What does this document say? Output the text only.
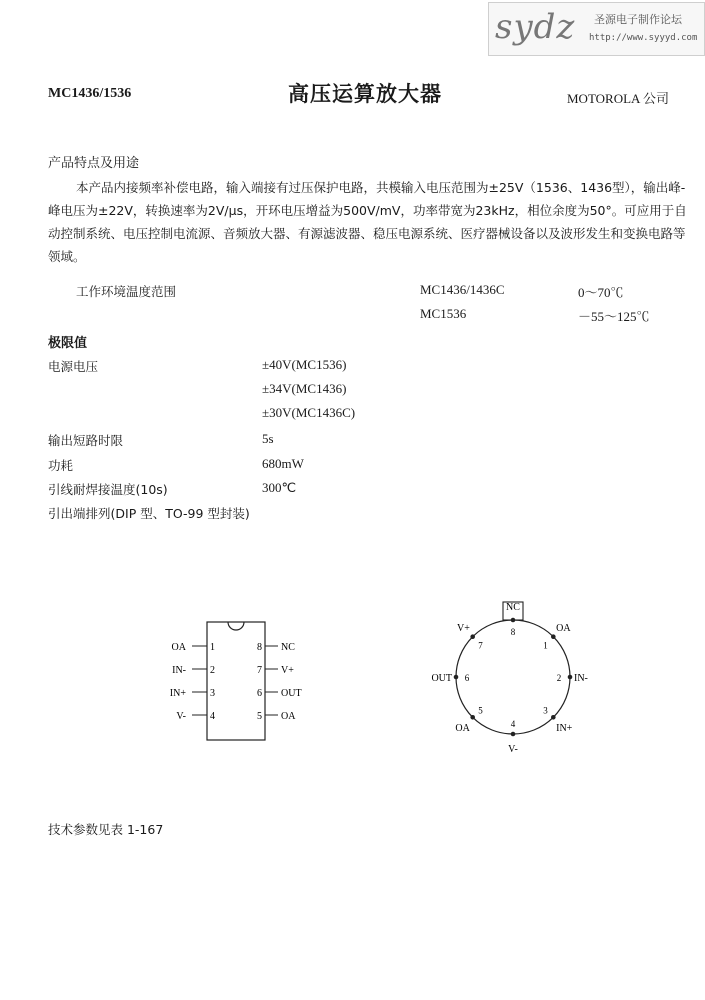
sydz 圣源电子制作论坛
http://www.syyyd.com
MC1436/1536	高压运算放大器	MOTOROLA 公司
产品特点及用途
本产品内接频率补偿电路，输入端接有过压保护电路，共模输入电压范围为±25V（1536、1436型），输出峰-峰电压为±22V，转换速率为2V/μs，开环电压增益为500V/mV，功率带宽为23kHz，相位余度为50°。可应用于自动控制系统、电压控制电流源、音频放大器、有源滤波器、稳压电源系统、医疗器械设备以及波形发生和变换电路等领域。
工作环境温度范围	MC1436/1436C	0～70℃
MC1536	－55～125℃
极限值
电源电压	±40V(MC1536)
±34V(MC1436)
±30V(MC1436C)
输出短路时限	5s
功耗	680mW
引线耐焊接温度(10s)	300℃
引出端排列(DIP 型、TO-99 型封装)
OA 1
IN- 2
IN+ 3
V- 4
8 NC
7 V+
6 OUT
5 OA
1
OA
2 IN-
3
IN+
4
V-
5
OA
6
OUT
7
V+	8
NC
技术参数见表 1-167
